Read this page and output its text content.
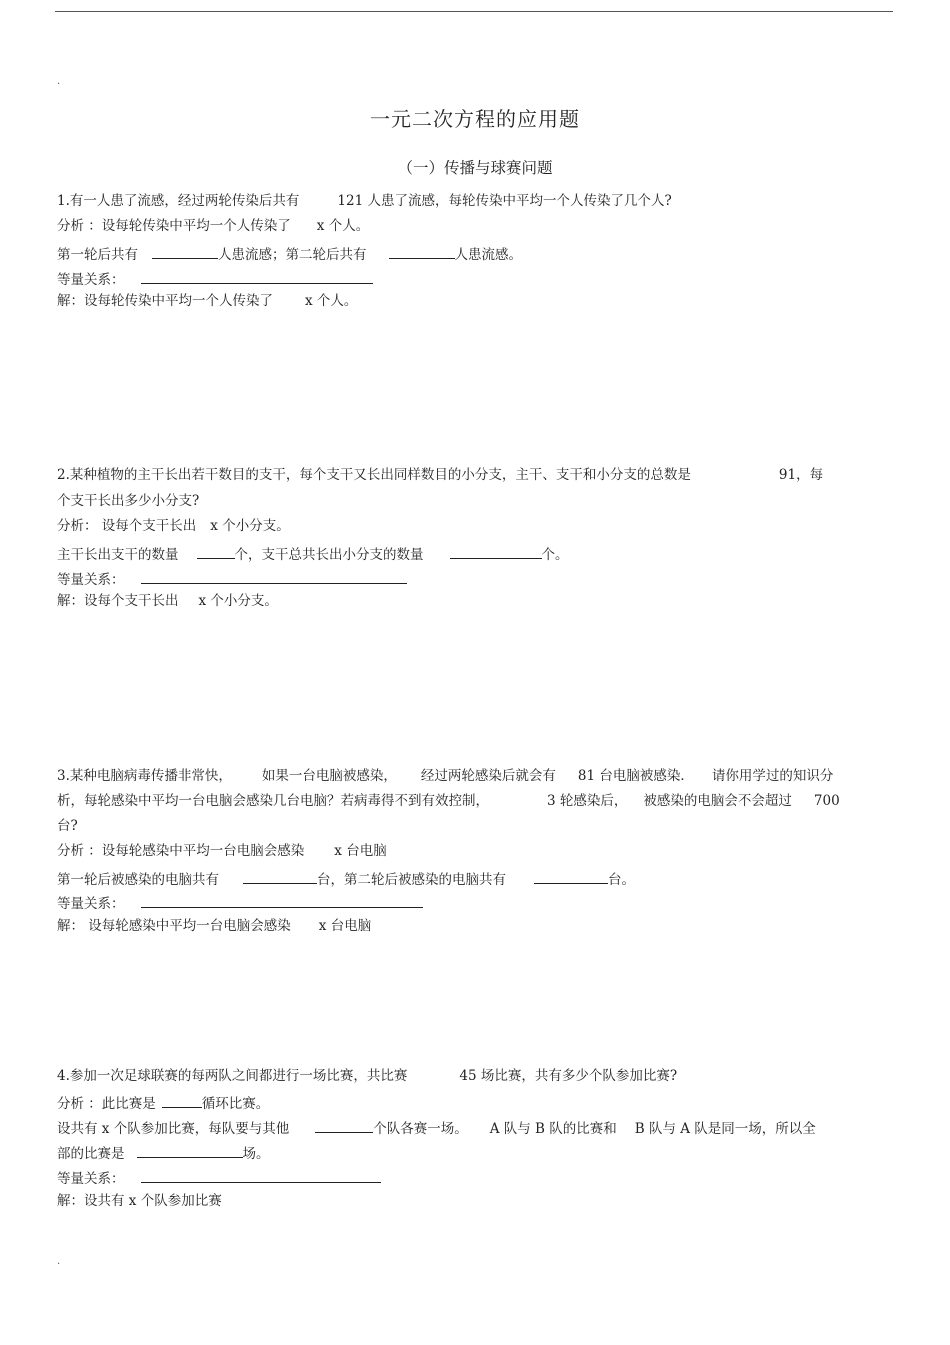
.
一元二次方程的应用题
（一）传播与球赛问题
1.有一人患了流感，经过两轮传染后共有	121 人患了流感，每轮传染中平均一个人传染了几个人?
分析 ：设每轮传染中平均一个人传染了 x 个人。
第一轮后共有	人患流感；第二轮后共有	人患流感。
等量关系：
解：设每轮传染中平均一个人传染了 x 个人。
2.某种植物的主干长出若干数目的支干，每个支干又长出同样数目的小分支，主干、支干和小分支的总数是	91，每
个支干长出多少小分支?
分析： 设每个支干长出 x 个小分支。
主干长出支干的数量	个，支干总共长出小分支的数量	个。
等量关系：
解：设每个支干长出 x 个小分支。
3.某种电脑病毒传播非常快， 如果一台电脑被感染， 经过两轮感染后就会有 81 台电脑被感染． 请你用学过的知识分
析，每轮感染中平均一台电脑会感染几台电脑？若病毒得不到有效控制，	3 轮感染后， 被感染的电脑会不会超过 700
台?
分析 ：设每轮感染中平均一台电脑会感染 x 台电脑
第一轮后被感染的电脑共有	台，第二轮后被感染的电脑共有	台。
等量关系：
解： 设每轮感染中平均一台电脑会感染 x 台电脑
4.参加一次足球联赛的每两队之间都进行一场比赛，共比赛	45 场比赛，共有多少个队参加比赛?
分析 ：此比赛是	循环比赛。
设共有 x 个队参加比赛，每队要与其他	个队各赛一场。 A 队与 B 队的比赛和 B 队与 A 队是同一场，所以全
部的比赛是	场。
等量关系：
解：设共有 x 个队参加比赛
.
